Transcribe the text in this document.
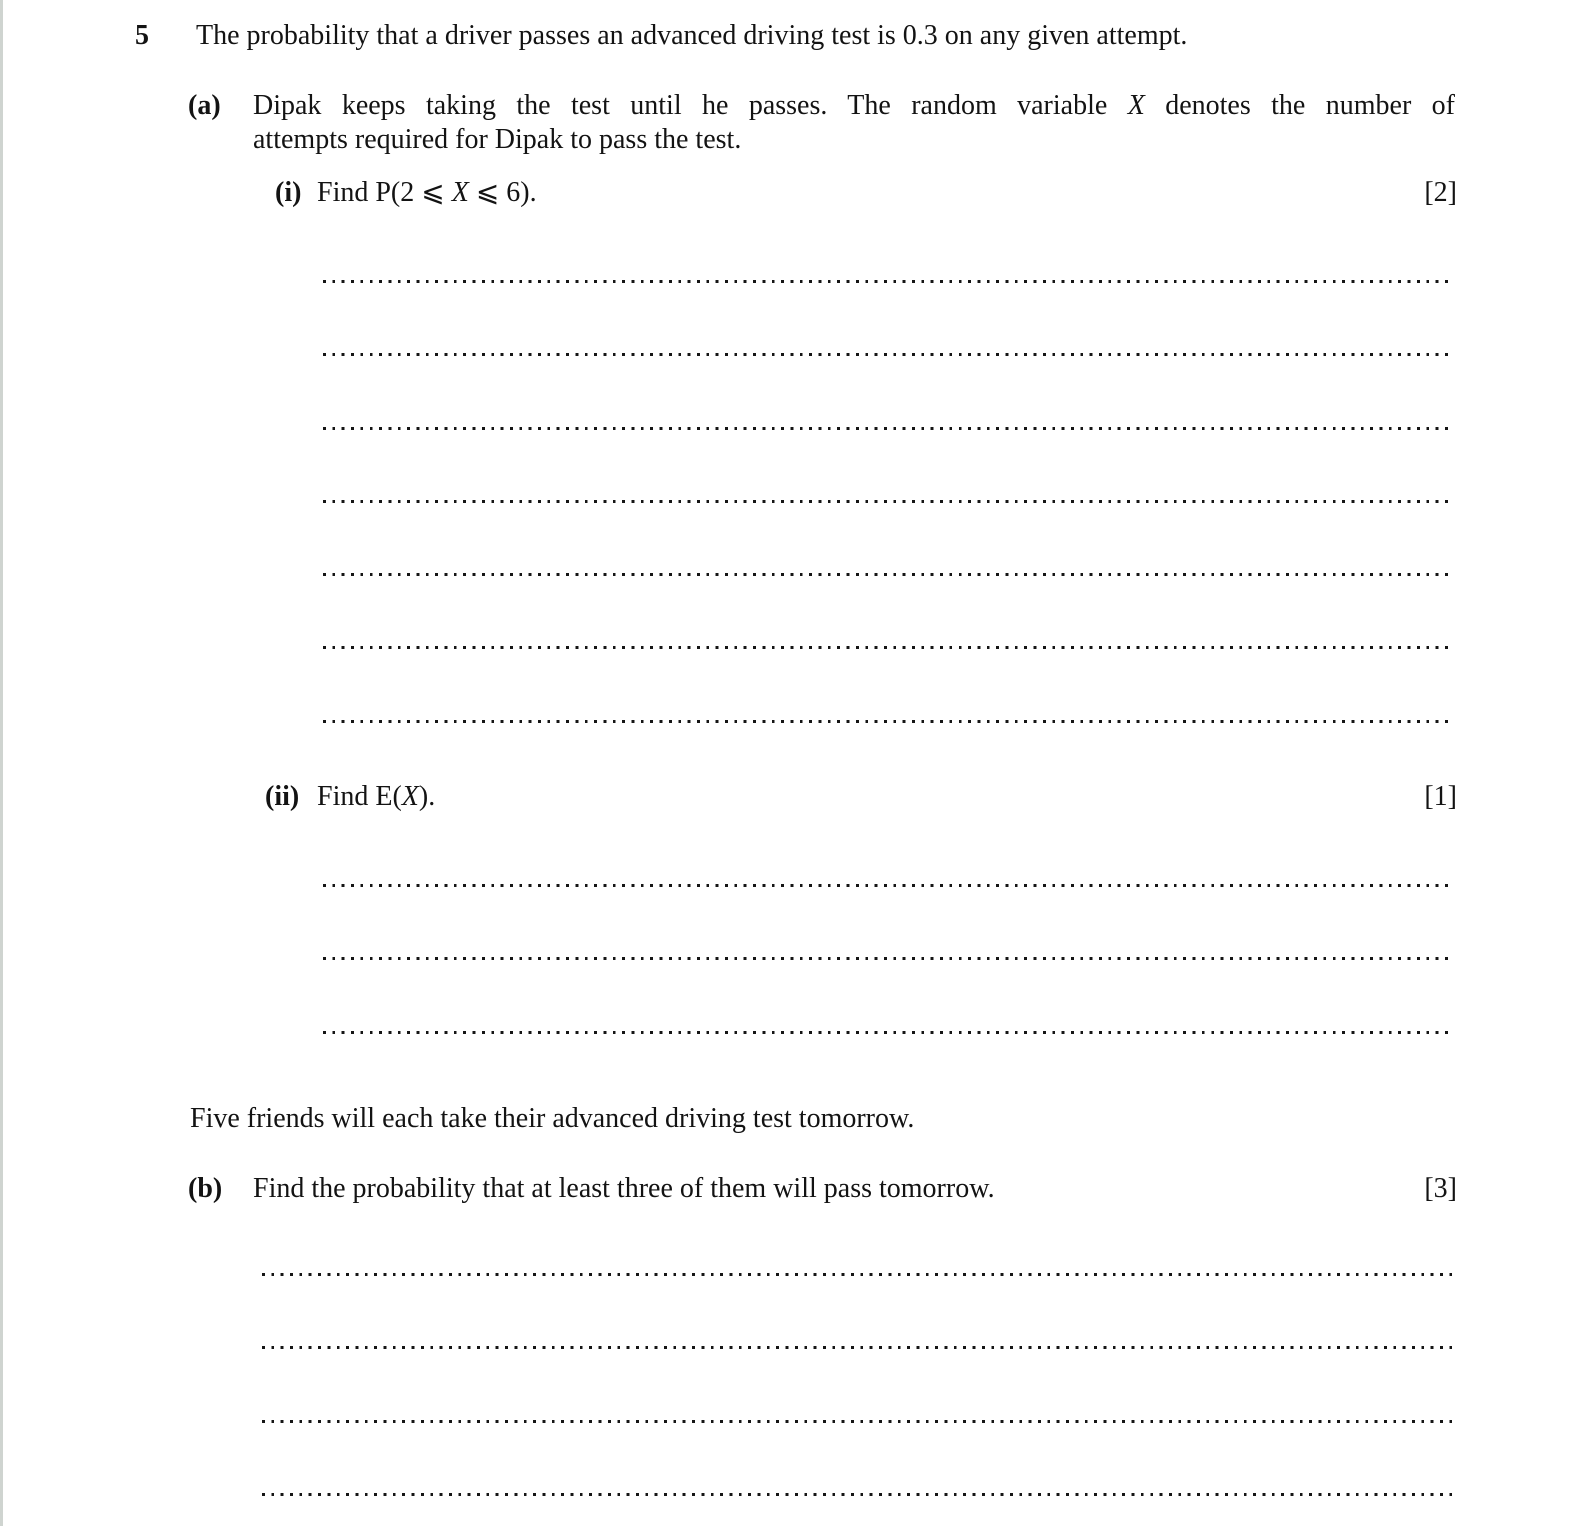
5 The probability that a driver passes an advanced driving test is 0.3 on any given attempt.
(a) Dipak keeps taking the test until he passes. The random variable X denotes the number of
attempts required for Dipak to pass the test.
(i) Find P(2 ⩽ X ⩽ 6).	[2]
(ii) Find E(X).	[1]
Five friends will each take their advanced driving test tomorrow.
(b) Find the probability that at least three of them will pass tomorrow.	[3]
